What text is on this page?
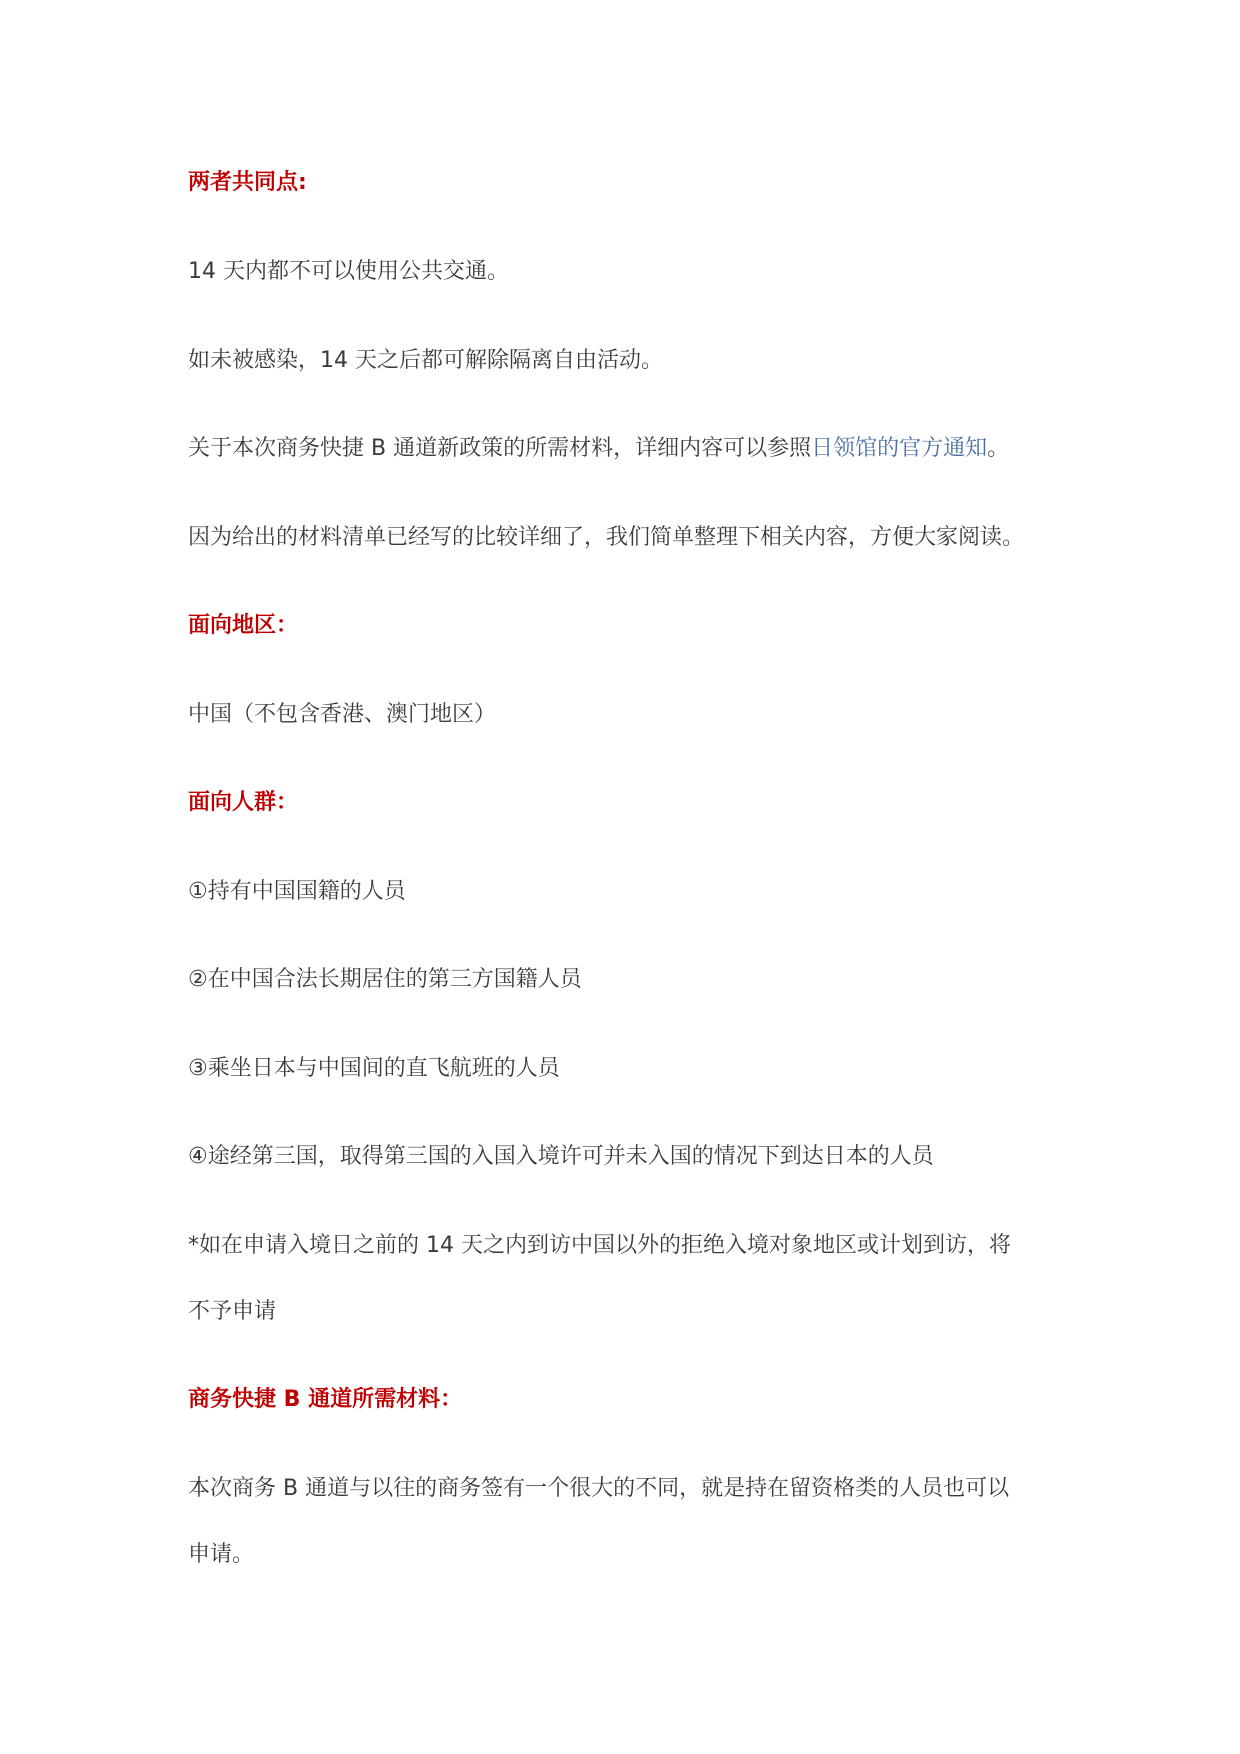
两者共同点:
14 天内都不可以使用公共交通。
如未被感染，14 天之后都可解除隔离自由活动。
关于本次商务快捷 B 通道新政策的所需材料，详细内容可以参照日领馆的官方通知。
因为给出的材料清单已经写的比较详细了，我们简单整理下相关内容，方便大家阅读。
面向地区：
中国（不包含香港、澳门地区）
面向人群：
①持有中国国籍的人员
②在中国合法长期居住的第三方国籍人员
③乘坐日本与中国间的直飞航班的人员
④途经第三国，取得第三国的入国入境许可并未入国的情况下到达日本的人员
*如在申请入境日之前的 14 天之内到访中国以外的拒绝入境对象地区或计划到访，将
不予申请
商务快捷 B 通道所需材料：
本次商务 B 通道与以往的商务签有一个很大的不同，就是持在留资格类的人员也可以
申请。
